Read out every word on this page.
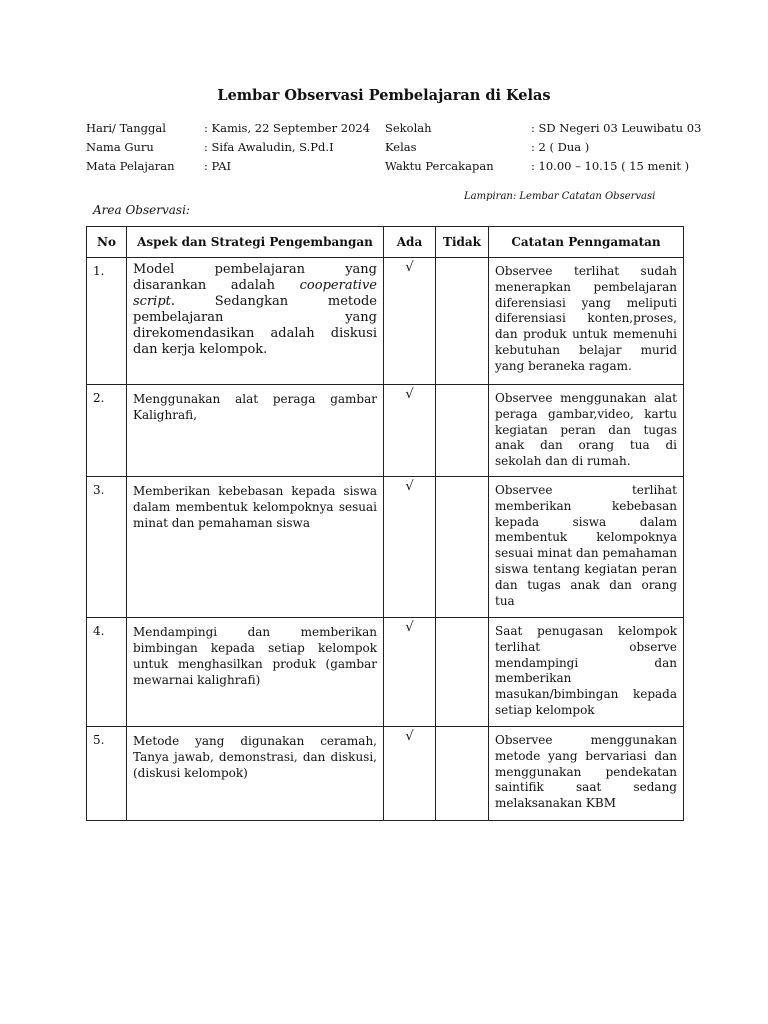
Lembar Observasi Pembelajaran di Kelas
Hari/ Tanggal	: Kamis, 22 September 2024	Sekolah	: SD Negeri 03 Leuwibatu 03
Nama Guru	: Sifa Awaludin, S.Pd.I	Kelas	: 2 ( Dua )
Mata Pelajaran	: PAI	Waktu Percakapan	: 10.00 – 10.15 ( 15 menit )
Lampiran: Lembar Catatan Observasi
Area Observasi:
No	Aspek dan Strategi Pengembangan	Ada	Tidak	Catatan Penngamatan
1.	Model pembelajaran yang disarankan adalah cooperative script. Sedangkan metode pembelajaran yang direkomendasikan adalah diskusi dan kerja kelompok.	√		Observee terlihat sudah menerapkan pembelajaran diferensiasi yang meliputi diferensiasi konten,proses, dan produk untuk memenuhi kebutuhan belajar murid yang beraneka ragam.
2.	Menggunakan alat peraga gambar Kalighrafi,	√		Observee menggunakan alat peraga gambar,video, kartu kegiatan peran dan tugas anak dan orang tua di sekolah dan di rumah.
3.	Memberikan kebebasan kepada siswa dalam membentuk kelompoknya sesuai minat dan pemahaman siswa	√		Observee terlihat memberikan kebebasan kepada siswa dalam membentuk kelompoknya sesuai minat dan pemahaman siswa tentang kegiatan peran dan tugas anak dan orang tua
4.	Mendampingi dan memberikan bimbingan kepada setiap kelompok untuk menghasilkan produk (gambar mewarnai kalighrafi)	√		Saat penugasan kelompok terlihat observe mendampingi dan memberikan masukan/bimbingan kepada setiap kelompok
5.	Metode yang digunakan ceramah, Tanya jawab, demonstrasi, dan diskusi, (diskusi kelompok)	√		Observee menggunakan metode yang bervariasi dan menggunakan pendekatan saintifik saat sedang melaksanakan KBM
